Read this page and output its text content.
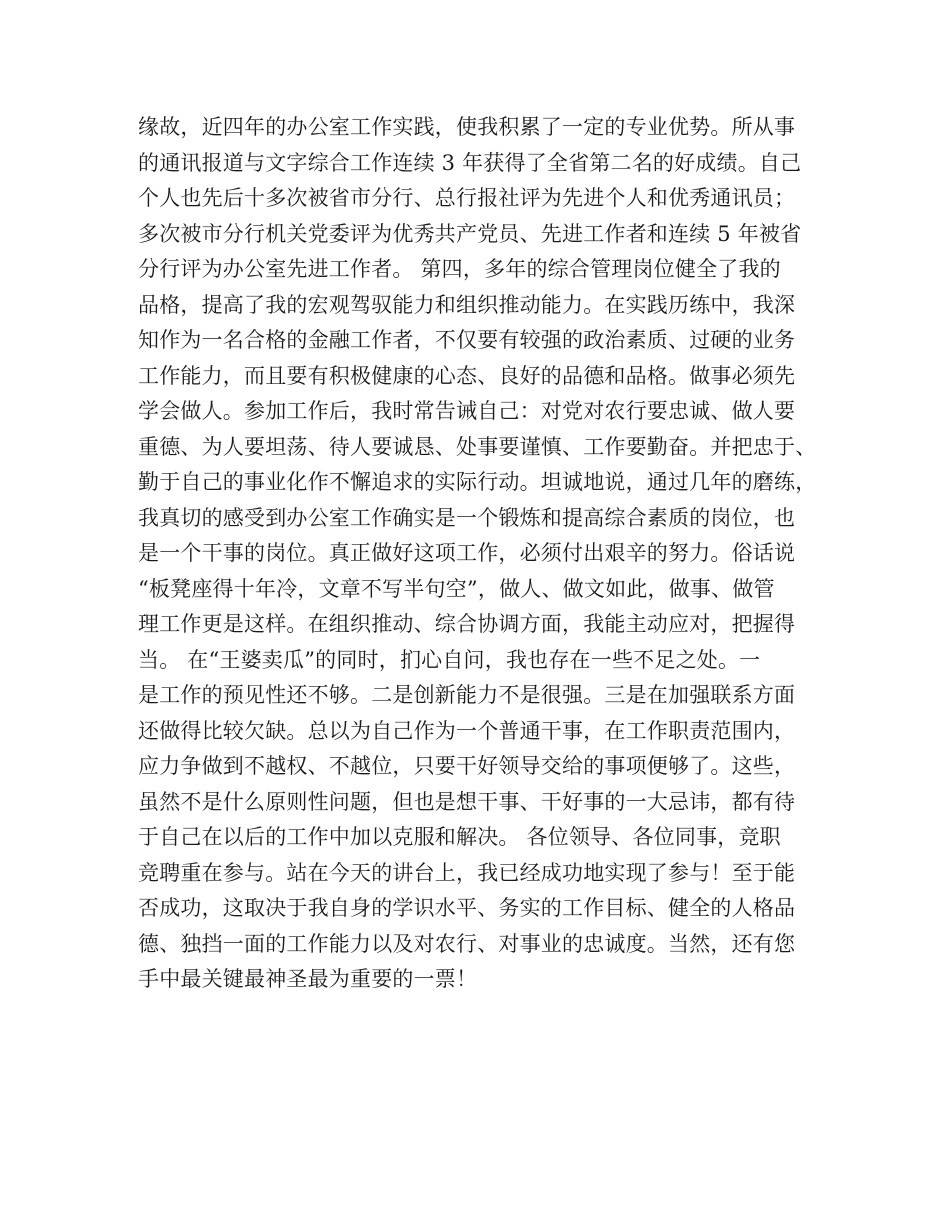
缘故，近四年的办公室工作实践，使我积累了一定的专业优势。所从事
的通讯报道与文字综合工作连续 3 年获得了全省第二名的好成绩。自己
个人也先后十多次被省市分行、总行报社评为先进个人和优秀通讯员；
多次被市分行机关党委评为优秀共产党员、先进工作者和连续 5 年被省
分行评为办公室先进工作者。 第四，多年的综合管理岗位健全了我的
品格，提高了我的宏观驾驭能力和组织推动能力。在实践历练中，我深
知作为一名合格的金融工作者，不仅要有较强的政治素质、过硬的业务
工作能力，而且要有积极健康的心态、良好的品德和品格。做事必须先
学会做人。参加工作后，我时常告诫自己：对党对农行要忠诚、做人要
重德、为人要坦荡、待人要诚恳、处事要谨慎、工作要勤奋。并把忠于、
勤于自己的事业化作不懈追求的实际行动。坦诚地说，通过几年的磨练，
我真切的感受到办公室工作确实是一个锻炼和提高综合素质的岗位，也
是一个干事的岗位。真正做好这项工作，必须付出艰辛的努力。俗话说
“板凳座得十年冷，文章不写半句空”，做人、做文如此，做事、做管
理工作更是这样。在组织推动、综合协调方面，我能主动应对，把握得
当。 在“王婆卖瓜”的同时，扪心自问，我也存在一些不足之处。一
是工作的预见性还不够。二是创新能力不是很强。三是在加强联系方面
还做得比较欠缺。总以为自己作为一个普通干事，在工作职责范围内，
应力争做到不越权、不越位，只要干好领导交给的事项便够了。这些，
虽然不是什么原则性问题，但也是想干事、干好事的一大忌讳，都有待
于自己在以后的工作中加以克服和解决。 各位领导、各位同事，竞职
竞聘重在参与。站在今天的讲台上，我已经成功地实现了参与！至于能
否成功，这取决于我自身的学识水平、务实的工作目标、健全的人格品
德、独挡一面的工作能力以及对农行、对事业的忠诚度。当然，还有您
手中最关键最神圣最为重要的一票！
